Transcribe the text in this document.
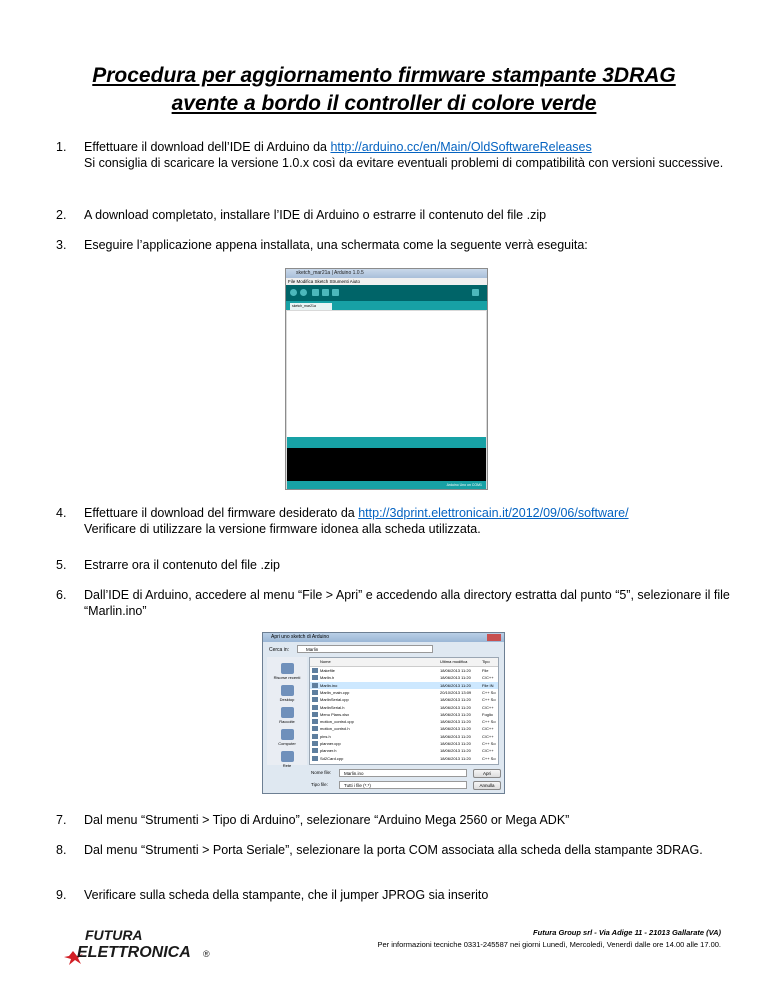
Procedura per aggiornamento firmware stampante 3DRAG
avente a bordo il controller di colore verde
1. Effettuare il download dell’IDE di Arduino da http://arduino.cc/en/Main/OldSoftwareReleases
Si consiglia di scaricare la versione 1.0.x così da evitare eventuali problemi di compatibilità con versioni successive.
2. A download completato, installare l’IDE di Arduino o estrarre il contenuto del file .zip
3. Eseguire l’applicazione appena installata, una schermata come la seguente verrà eseguita:
sketch_mar21a | Arduino 1.0.5
File Modifica Sketch Strumenti Aiuto
sketch_mar21a
Arduino Uno on COM1
4. Effettuare il download del firmware desiderato da http://3dprint.elettronicain.it/2012/09/06/software/
Verificare di utilizzare la versione firmware idonea alla scheda utilizzata.
5. Estrarre ora il contenuto del file .zip
6. Dall’IDE di Arduino, accedere al menu “File > Apri” e accedendo alla directory estratta dal punto “5”, selezionare il file “Marlin.ino”
Apri uno sketch di Arduino
Cerca in:	Marlin
Risorse recenti
Desktop
Raccolte
Computer
Rete
Nome	Ultima modifica	Tipo
Makefile	18/06/2013 11:20	File
Marlin.h	18/06/2013 11:20	C/C++
Marlin.ino	18/06/2013 11:20	File IN
Marlin_main.cpp	20/10/2013 13:09	C++ So
MarlinSerial.cpp	18/06/2013 11:20	C++ So
MarlinSerial.h	18/06/2013 11:20	C/C++
Menu Plans.xlsx	18/06/2013 11:20	Foglio
motion_control.cpp	18/06/2013 11:20	C++ So
motion_control.h	18/06/2013 11:20	C/C++
pins.h	18/06/2013 11:20	C/C++
planner.cpp	18/06/2013 11:20	C++ So
planner.h	18/06/2013 11:20	C/C++
Sd2Card.cpp	18/06/2013 11:20	C++ So
Nome file:	Marlin.ino
Tipo file:	Tutti i file (*.*)
Apri
Annulla
7. Dal menu “Strumenti > Tipo di Arduino”, selezionare “Arduino Mega 2560 or Mega ADK”
8. Dal menu “Strumenti > Porta Seriale”, selezionare la porta COM associata alla scheda della stampante 3DRAG.
9. Verificare sulla scheda della stampante, che il jumper JPROG sia inserito
FUTURA
ELETTRONICA ®
Futura Group srl - Via Adige 11 - 21013 Gallarate (VA)
Per informazioni tecniche 0331-245587 nei giorni Lunedì, Mercoledì, Venerdì dalle ore 14.00 alle 17.00.
